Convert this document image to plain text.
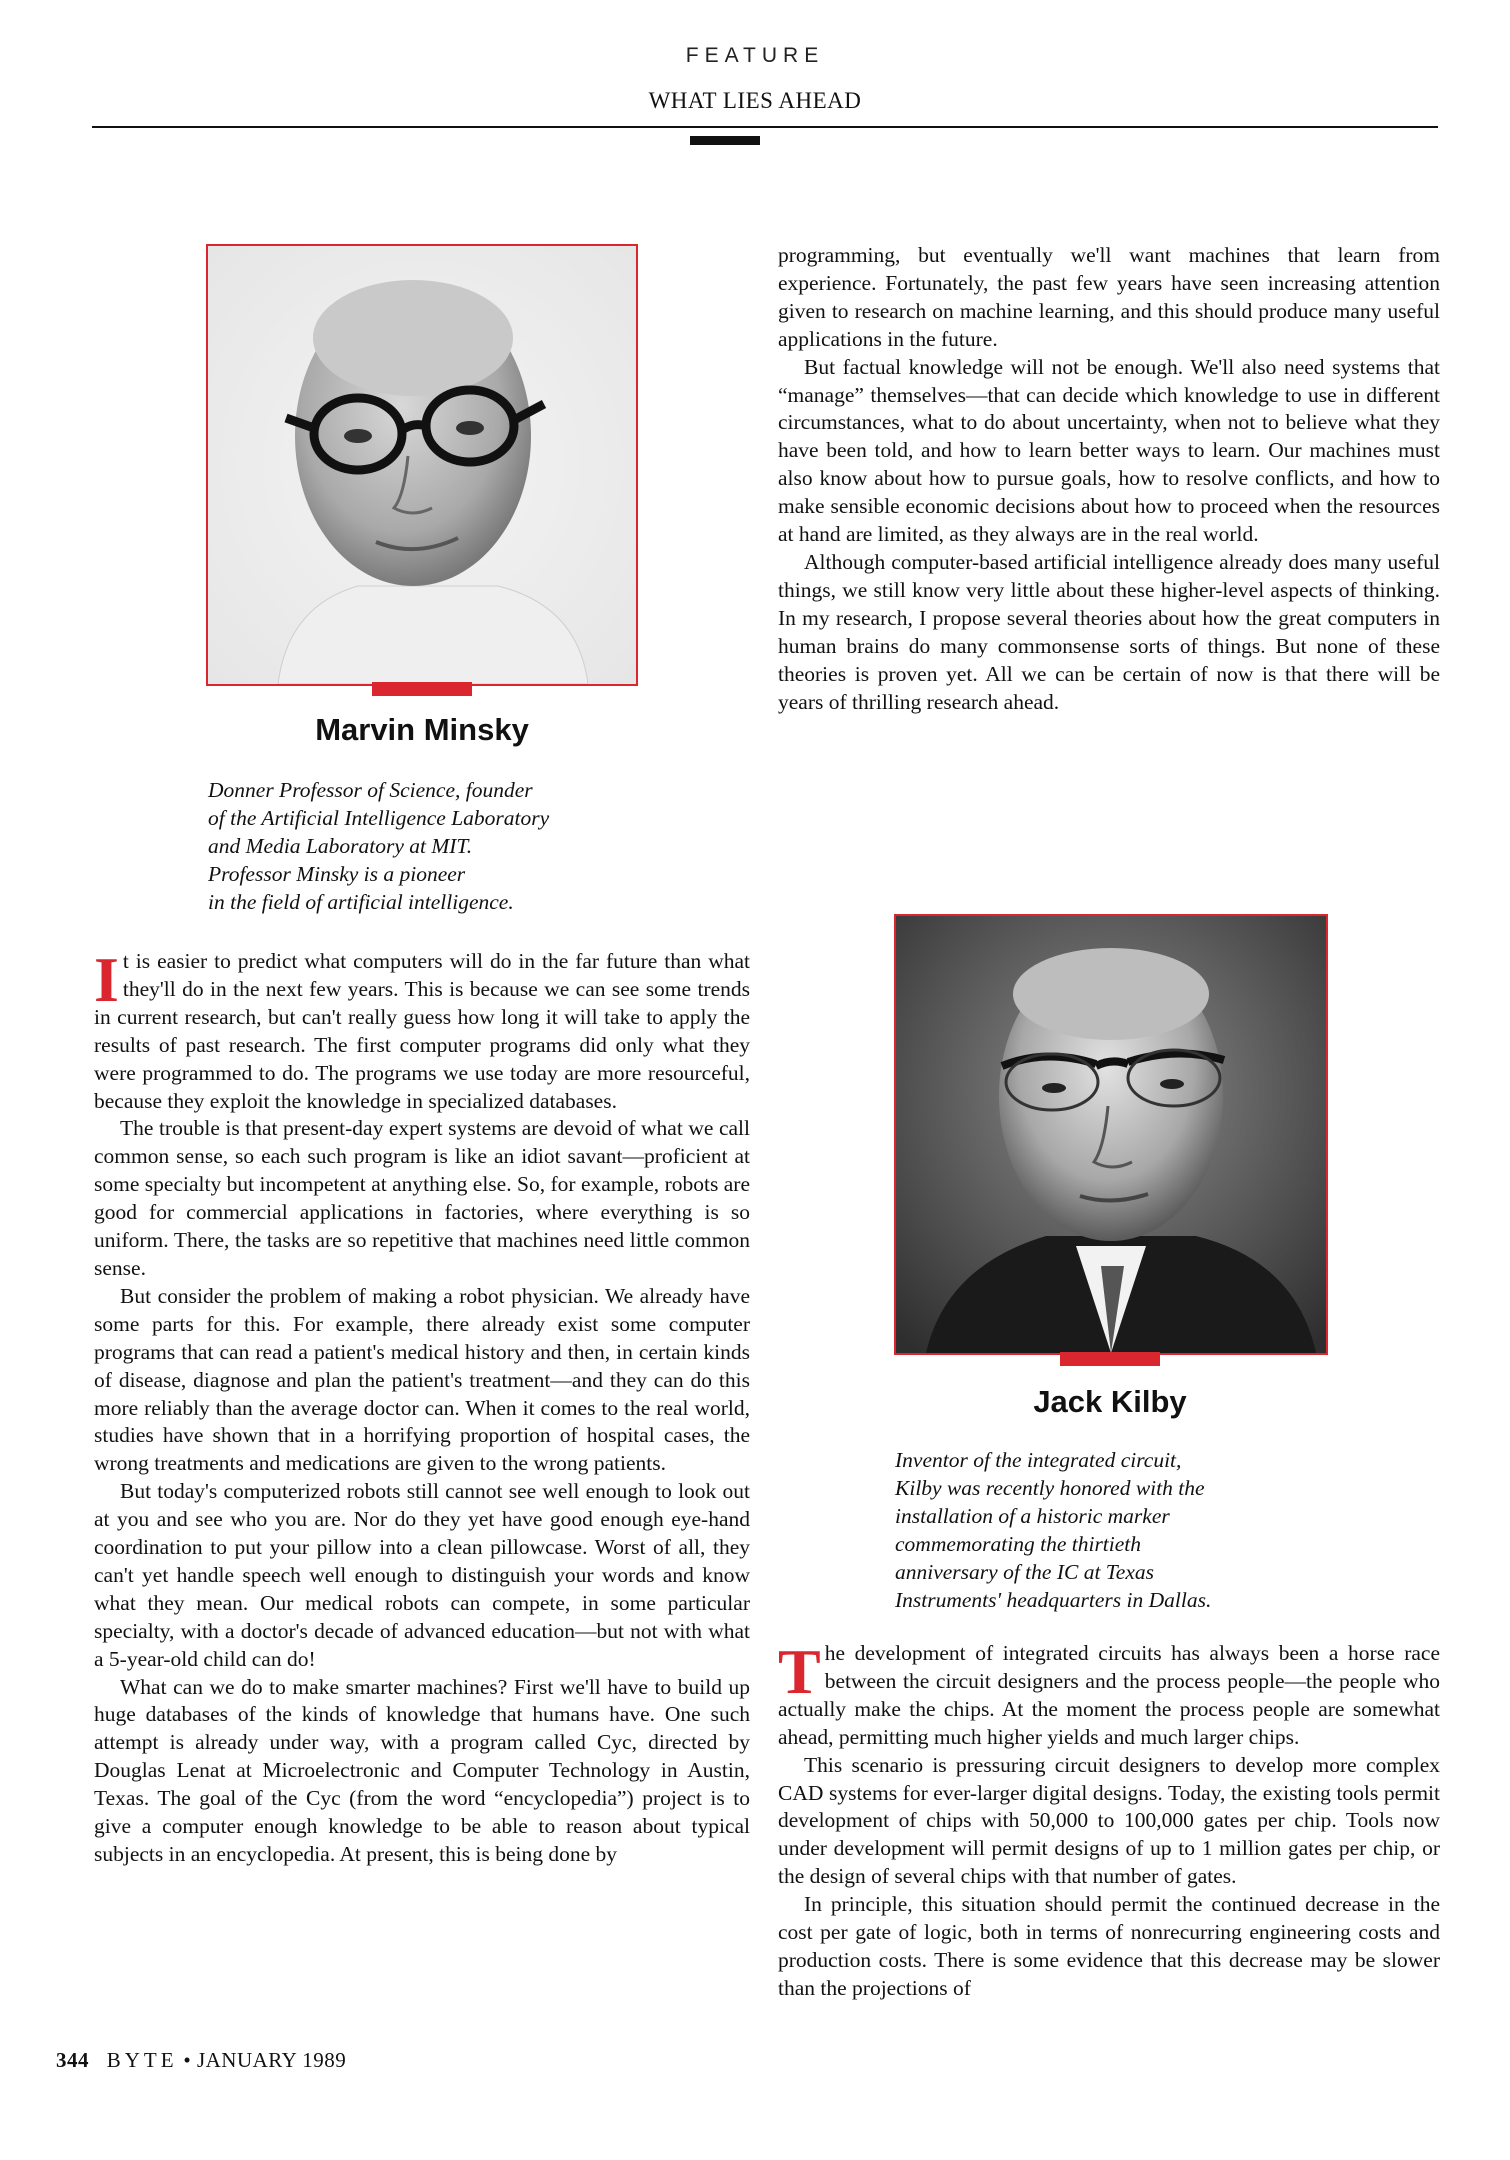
FEATURE
WHAT LIES AHEAD
Marvin Minsky
Donner Professor of Science, founder
of the Artificial Intelligence Laboratory
and Media Laboratory at MIT.
Professor Minsky is a pioneer
in the field of artificial intelligence.

It is easier to predict what computers will do in the far future than what they'll do in the next few years. This is because we can see some trends in current research, but can't really guess how long it will take to apply the results of past research. The first computer programs did only what they were programmed to do. The programs we use today are more resourceful, because they exploit the knowledge in specialized databases.

The trouble is that present-day expert systems are devoid of what we call common sense, so each such program is like an idiot savant—proficient at some specialty but incompetent at anything else. So, for example, robots are good for commercial applications in factories, where everything is so uniform. There, the tasks are so repetitive that machines need little common sense.

But consider the problem of making a robot physician. We already have some parts for this. For example, there already exist some computer programs that can read a patient's medical history and then, in certain kinds of disease, diagnose and plan the patient's treatment—and they can do this more reliably than the average doctor can. When it comes to the real world, studies have shown that in a horrifying proportion of hospital cases, the wrong treatments and medications are given to the wrong patients.

But today's computerized robots still cannot see well enough to look out at you and see who you are. Nor do they yet have good enough eye-hand coordination to put your pillow into a clean pillowcase. Worst of all, they can't yet handle speech well enough to distinguish your words and know what they mean. Our medical robots can compete, in some particular specialty, with a doctor's decade of advanced education—but not with what a 5-year-old child can do!

What can we do to make smarter machines? First we'll have to build up huge databases of the kinds of knowledge that humans have. One such attempt is already under way, with a program called Cyc, directed by Douglas Lenat at Microelectronic and Computer Technology in Austin, Texas. The goal of the Cyc (from the word “encyclopedia”) project is to give a computer enough knowledge to be able to reason about typical subjects in an encyclopedia. At present, this is being done by

programming, but eventually we'll want machines that learn from experience. Fortunately, the past few years have seen increasing attention given to research on machine learning, and this should produce many useful applications in the future.

But factual knowledge will not be enough. We'll also need systems that “manage” themselves—that can decide which knowledge to use in different circumstances, what to do about uncertainty, when not to believe what they have been told, and how to learn better ways to learn. Our machines must also know about how to pursue goals, how to resolve conflicts, and how to make sensible economic decisions about how to proceed when the resources at hand are limited, as they always are in the real world.

Although computer-based artificial intelligence already does many useful things, we still know very little about these higher-level aspects of thinking. In my research, I propose several theories about how the great computers in human brains do many commonsense sorts of things. But none of these theories is proven yet. All we can be certain of now is that there will be years of thrilling research ahead.

Jack Kilby
Inventor of the integrated circuit,
Kilby was recently honored with the
installation of a historic marker
commemorating the thirtieth
anniversary of the IC at Texas
Instruments' headquarters in Dallas.

The development of integrated circuits has always been a horse race between the circuit designers and the process people—the people who actually make the chips. At the moment the process people are somewhat ahead, permitting much higher yields and much larger chips.

This scenario is pressuring circuit designers to develop more complex CAD systems for ever-larger digital designs. Today, the existing tools permit development of chips with 50,000 to 100,000 gates per chip. Tools now under development will permit designs of up to 1 million gates per chip, or the design of several chips with that number of gates.

In principle, this situation should permit the continued decrease in the cost per gate of logic, both in terms of nonrecurring engineering costs and production costs. There is some evidence that this decrease may be slower than the projections of

344 BYTE • JANUARY 1989
